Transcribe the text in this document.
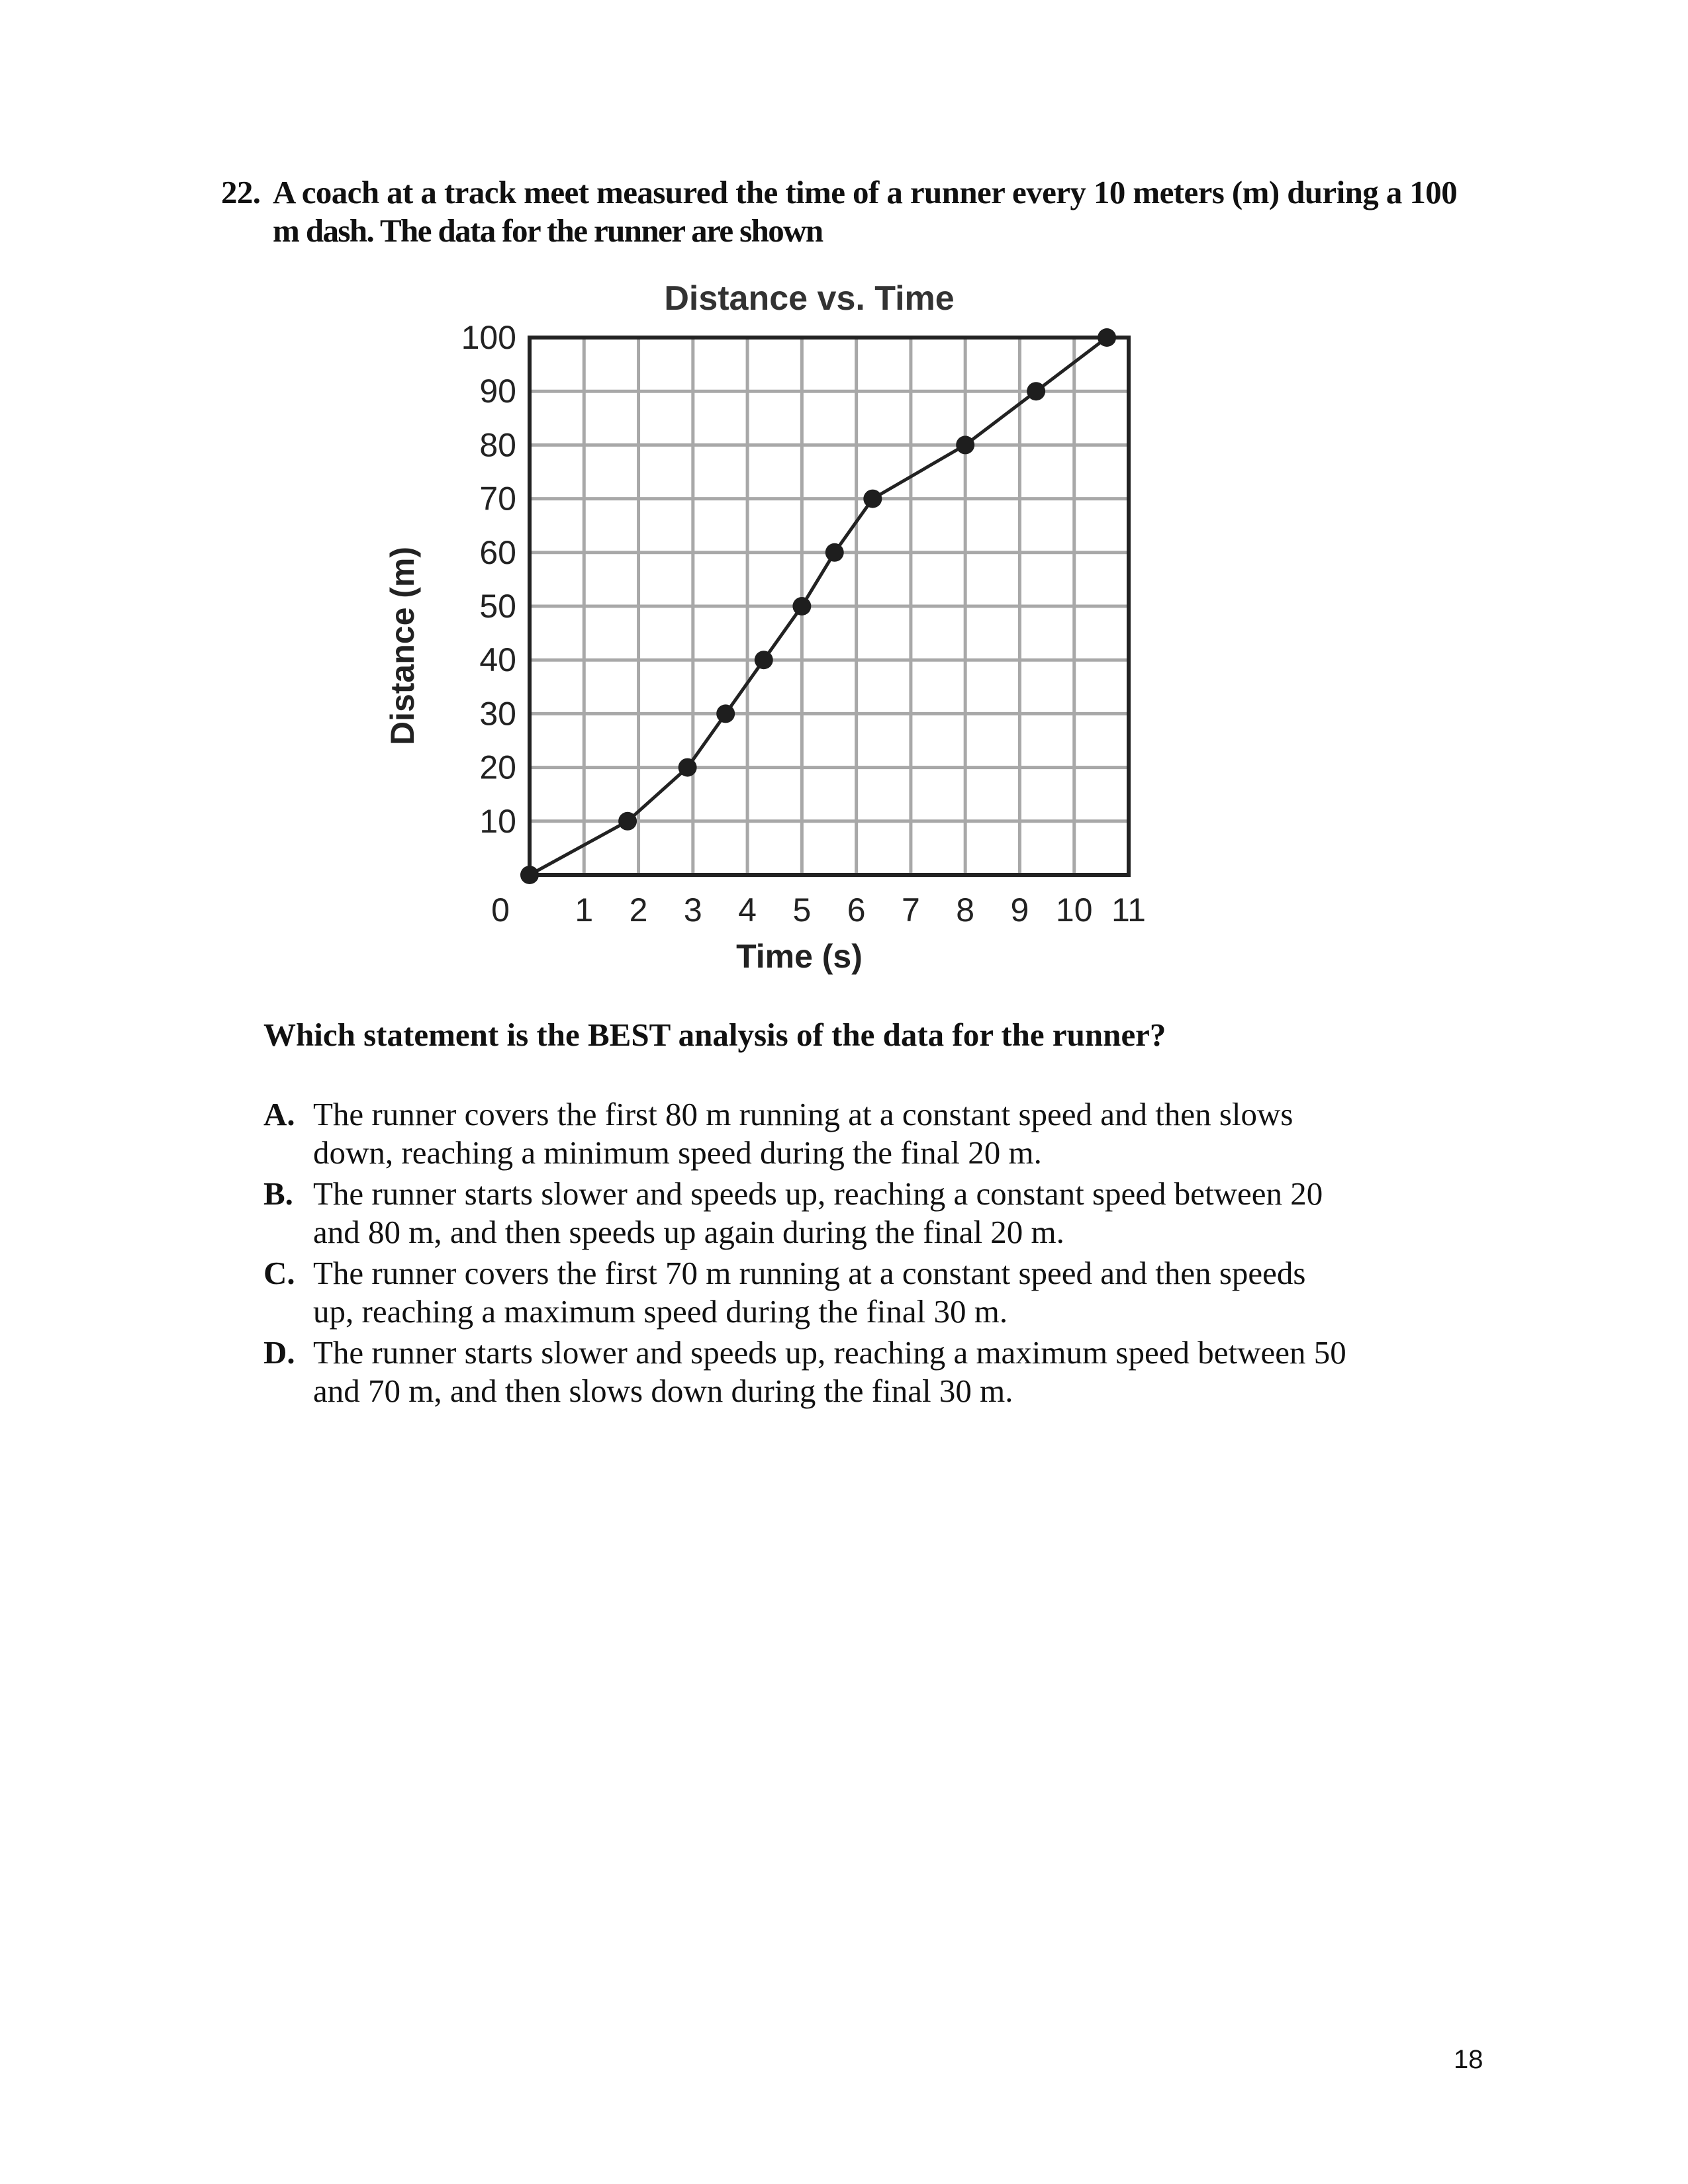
22. A coach at a track meet measured the time of a runner every 10 meters (m) during a 100
m dash. The data for the runner are shown
0 1 2 3 4 5 6 7 8 9 10 11
10
20
30
40
50
60
70
80
90
100
Distance vs. Time
Time (s)
Distance (m)
Which statement is the BEST analysis of the data for the runner?
A. The runner covers the first 80 m running at a constant speed and then slows
down, reaching a minimum speed during the final 20 m.
B. The runner starts slower and speeds up, reaching a constant speed between 20
and 80 m, and then speeds up again during the final 20 m.
C. The runner covers the first 70 m running at a constant speed and then speeds
up, reaching a maximum speed during the final 30 m.
D. The runner starts slower and speeds up, reaching a maximum speed between 50
and 70 m, and then slows down during the final 30 m.
18
